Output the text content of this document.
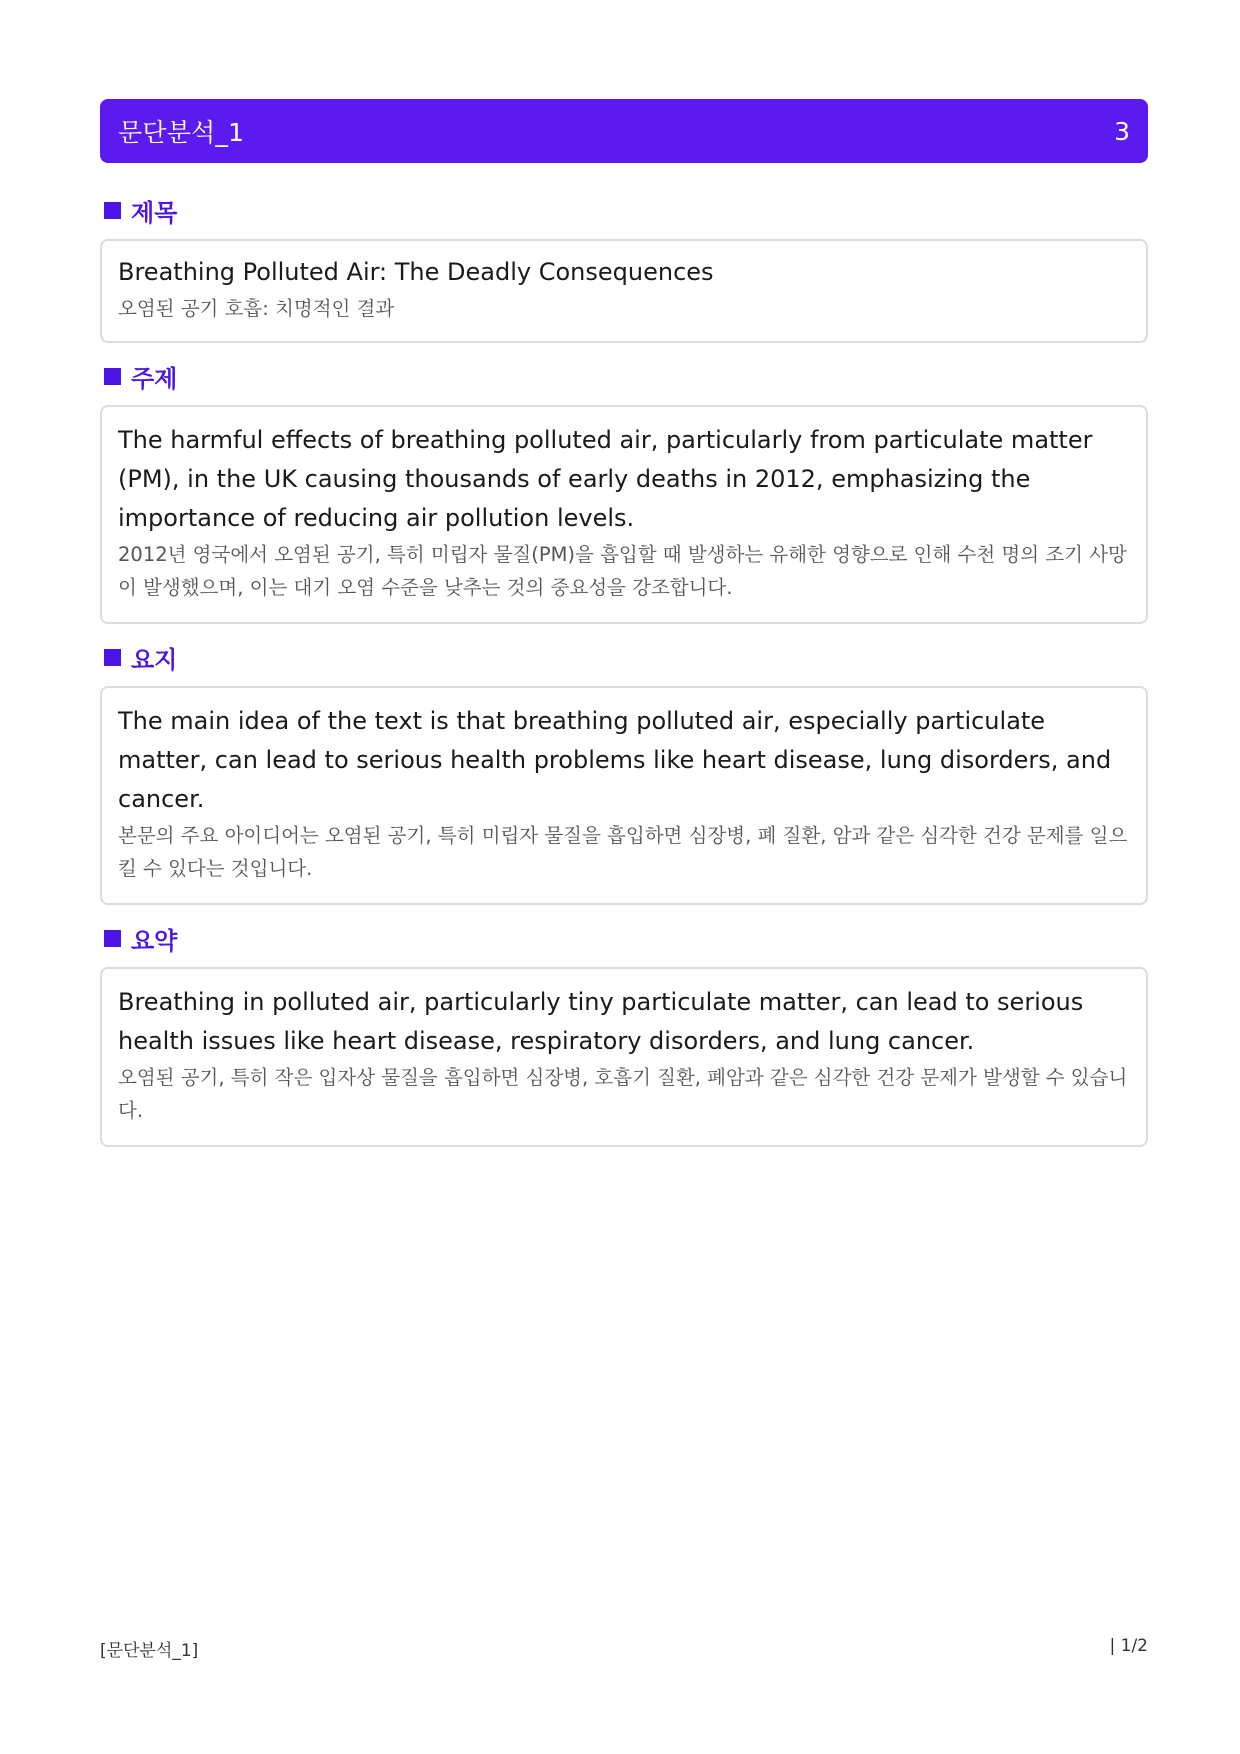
문단분석_1	3
제목
Breathing Polluted Air: The Deadly Consequences
오염된 공기 호흡: 치명적인 결과
주제
The harmful effects of breathing polluted air, particularly from particulate matter (PM), in the UK causing thousands of early deaths in 2012, emphasizing the importance of reducing air pollution levels.
2012년 영국에서 오염된 공기, 특히 미립자 물질(PM)을 흡입할 때 발생하는 유해한 영향으로 인해 수천 명의 조기 사망이 발생했으며, 이는 대기 오염 수준을 낮추는 것의 중요성을 강조합니다.
요지
The main idea of the text is that breathing polluted air, especially particulate matter, can lead to serious health problems like heart disease, lung disorders, and cancer.
본문의 주요 아이디어는 오염된 공기, 특히 미립자 물질을 흡입하면 심장병, 폐 질환, 암과 같은 심각한 건강 문제를 일으킬 수 있다는 것입니다.
요약
Breathing in polluted air, particularly tiny particulate matter, can lead to serious health issues like heart disease, respiratory disorders, and lung cancer.
오염된 공기, 특히 작은 입자상 물질을 흡입하면 심장병, 호흡기 질환, 폐암과 같은 심각한 건강 문제가 발생할 수 있습니다.
[문단분석_1]	| 1/2
